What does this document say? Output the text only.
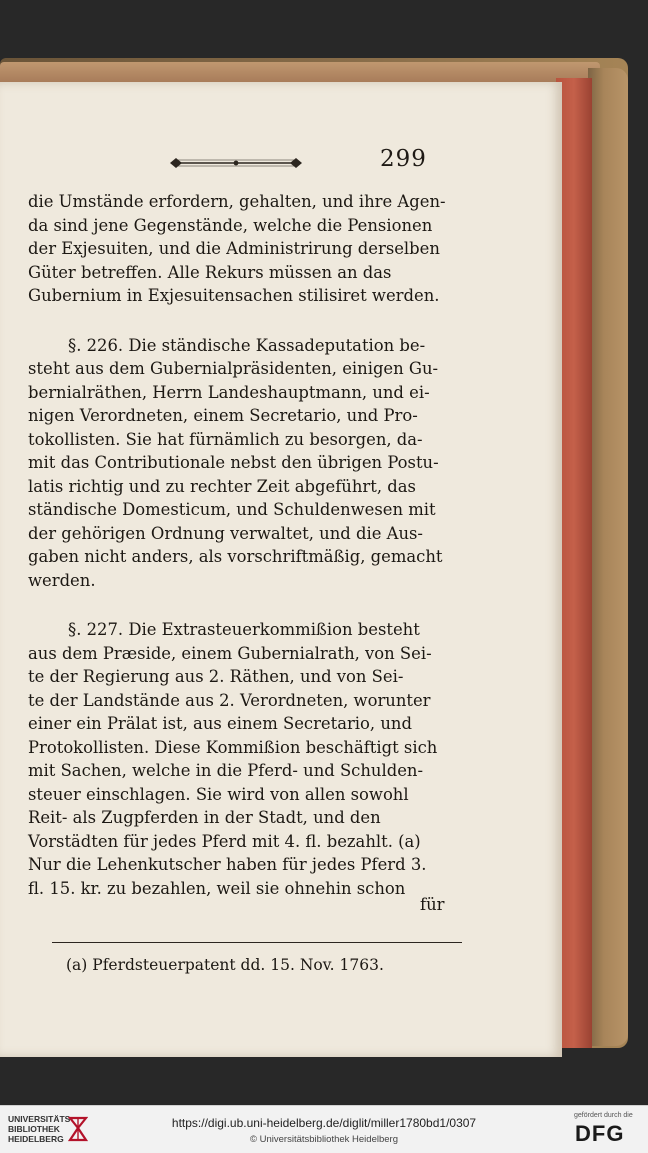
299
die Umstände erfordern, gehalten, und ihre Agen-
da sind jene Gegenstände, welche die Pensionen
der Exjesuiten, und die Administrirung derselben
Güter betreffen. Alle Rekurs müssen an das
Gubernium in Exjesuitensachen stilisiret werden.
§. 226. Die ständische Kassadeputation be-
steht aus dem Gubernialpräsidenten, einigen Gu-
bernialräthen, Herrn Landeshauptmann, und ei-
nigen Verordneten, einem Secretario, und Pro-
tokollisten. Sie hat fürnämlich zu besorgen, da-
mit das Contributionale nebst den übrigen Postu-
latis richtig und zu rechter Zeit abgeführt, das
ständische Domesticum, und Schuldenwesen mit
der gehörigen Ordnung verwaltet, und die Aus-
gaben nicht anders, als vorschriftmäßig, gemacht
werden.
§. 227. Die Extrasteuerkommißion besteht
aus dem Præside, einem Gubernialrath, von Sei-
te der Regierung aus 2. Räthen, und von Sei-
te der Landstände aus 2. Verordneten, worunter
einer ein Prälat ist, aus einem Secretario, und
Protokollisten. Diese Kommißion beschäftigt sich
mit Sachen, welche in die Pferd- und Schulden-
steuer einschlagen. Sie wird von allen sowohl
Reit- als Zugpferden in der Stadt, und den
Vorstädten für jedes Pferd mit 4. fl. bezahlt. (a)
Nur die Lehenkutscher haben für jedes Pferd 3.
fl. 15. kr. zu bezahlen, weil sie ohnehin schon
für
(a) Pferdsteuerpatent dd. 15. Nov. 1763.
UNIVERSITÄTS-
BIBLIOTHEK
HEIDELBERG
https://digi.ub.uni-heidelberg.de/diglit/miller1780bd1/0307
© Universitätsbibliothek Heidelberg
gefördert durch die
DFG
